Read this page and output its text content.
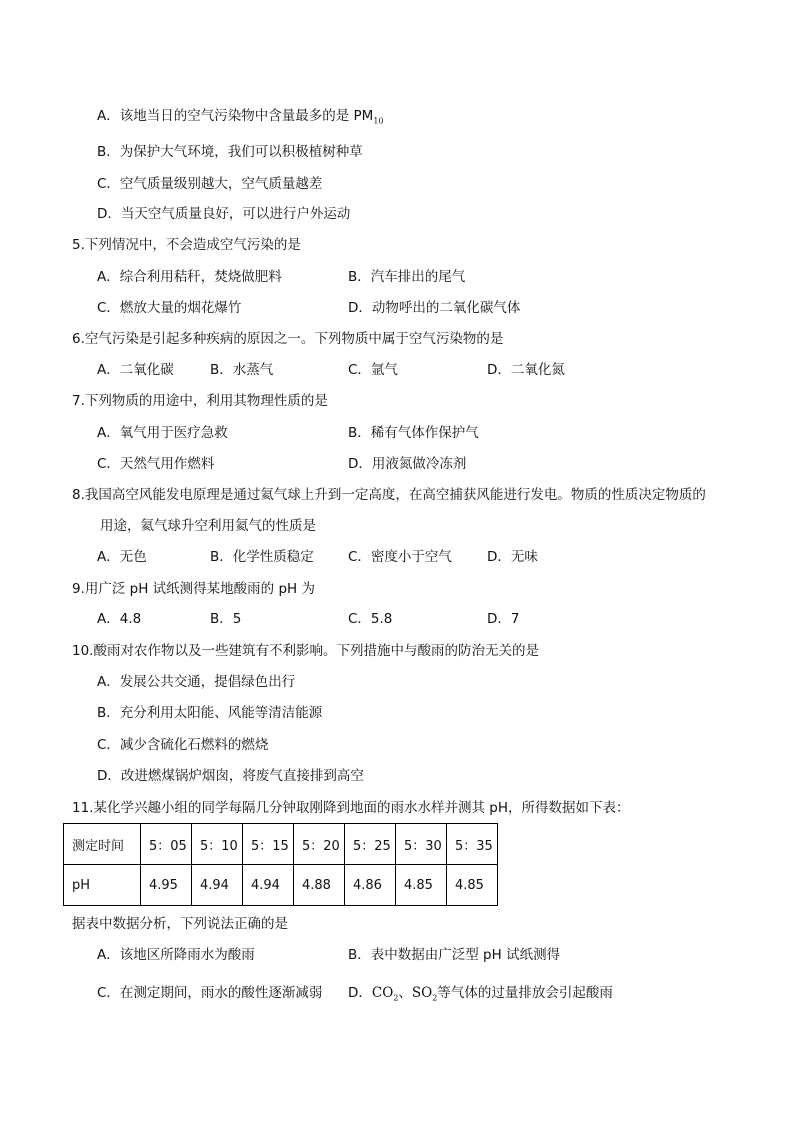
A．该地当日的空气污染物中含量最多的是 $PM_{10}$
B．为保护大气环境，我们可以积极植树种草
C．空气质量级别越大，空气质量越差
D．当天空气质量良好，可以进行户外运动
5.下列情况中，不会造成空气污染的是
A．综合利用秸秆，焚烧做肥料	B．汽车排出的尾气
C．燃放大量的烟花爆竹	D．动物呼出的二氧化碳气体
6.空气污染是引起多种疾病的原因之一。下列物质中属于空气污染物的是
A．二氧化碳	B．水蒸气	C．氩气	D．二氧化氮
7.下列物质的用途中，利用其物理性质的是
A．氧气用于医疗急救	B．稀有气体作保护气
C．天然气用作燃料	D．用液氮做冷冻剂
8.我国高空风能发电原理是通过氦气球上升到一定高度，在高空捕获风能进行发电。物质的性质决定物质的
用途，氦气球升空利用氦气的性质是
A．无色	B．化学性质稳定	C．密度小于空气	D．无味
9.用广泛 pH 试纸测得某地酸雨的 pH 为
A．4.8	B．5	C．5.8	D．7
10.酸雨对农作物以及一些建筑有不利影响。下列措施中与酸雨的防治无关的是
A．发展公共交通，提倡绿色出行
B．充分利用太阳能、风能等清洁能源
C．减少含硫化石燃料的燃烧
D．改进燃煤锅炉烟囱，将废气直接排到高空
11.某化学兴趣小组的同学每隔几分钟取刚降到地面的雨水水样并测其 pH，所得数据如下表：
测定时间	5：05	5：10	5：15	5：20	5：25	5：30	5：35
pH	4.95	4.94	4.94	4.88	4.86	4.85	4.85
据表中数据分析，下列说法正确的是
A．该地区所降雨水为酸雨	B．表中数据由广泛型 pH 试纸测得
C．在测定期间，雨水的酸性逐渐减弱 D．$CO_2$、$SO_2$等气体的过量排放会引起酸雨
